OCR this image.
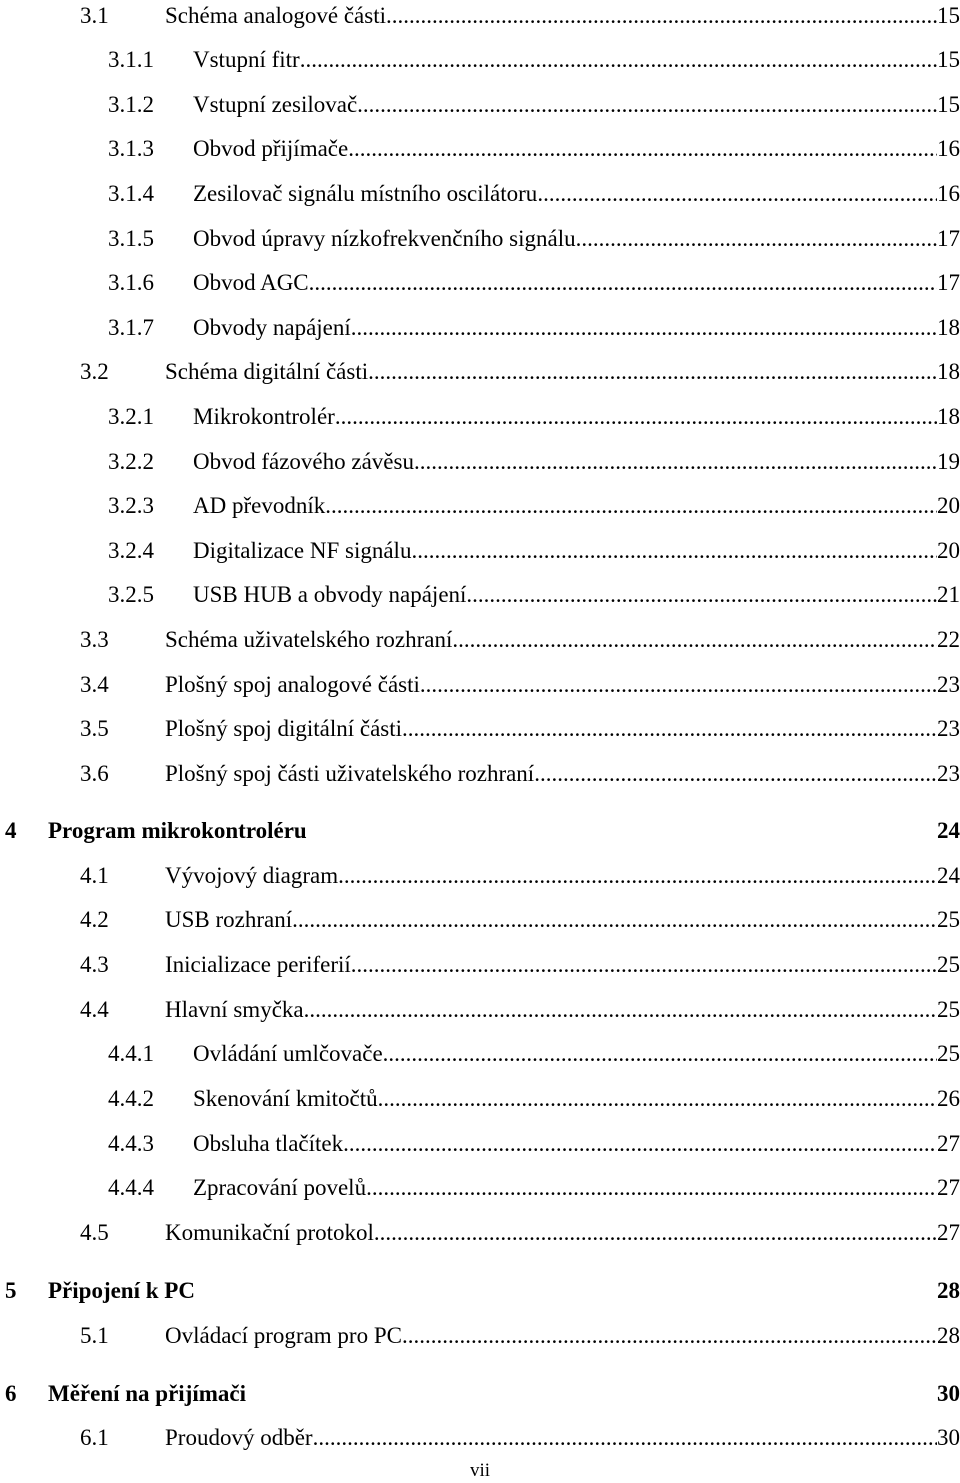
3.1 Schéma analogové části .....	15
3.1.1 Vstupní fitr .....	15
3.1.2 Vstupní zesilovač .....	15
3.1.3 Obvod přijímače .....	16
3.1.4 Zesilovač signálu místního oscilátoru .....	16
3.1.5 Obvod úpravy nízkofrekvenčního signálu .....	17
3.1.6 Obvod AGC .....	17
3.1.7 Obvody napájení .....	18
3.2 Schéma digitální části .....	18
3.2.1 Mikrokontrolér .....	18
3.2.2 Obvod fázového závěsu .....	19
3.2.3 AD převodník .....	20
3.2.4 Digitalizace NF signálu .....	20
3.2.5 USB HUB a obvody napájení .....	21
3.3 Schéma uživatelského rozhraní .....	22
3.4 Plošný spoj analogové části .....	23
3.5 Plošný spoj digitální části .....	23
3.6 Plošný spoj části uživatelského rozhraní .....	23
4 Program mikrokontroléru	24
4.1 Vývojový diagram .....	24
4.2 USB rozhraní .....	25
4.3 Inicializace periferií .....	25
4.4 Hlavní smyčka .....	25
4.4.1 Ovládání umlčovače .....	25
4.4.2 Skenování kmitočtů .....	26
4.4.3 Obsluha tlačítek .....	27
4.4.4 Zpracování povelů .....	27
4.5 Komunikační protokol .....	27
5 Připojení k PC	28
5.1 Ovládací program pro PC .....	28
6 Měření na přijímači	30
6.1 Proudový odběr .....	30
vii
